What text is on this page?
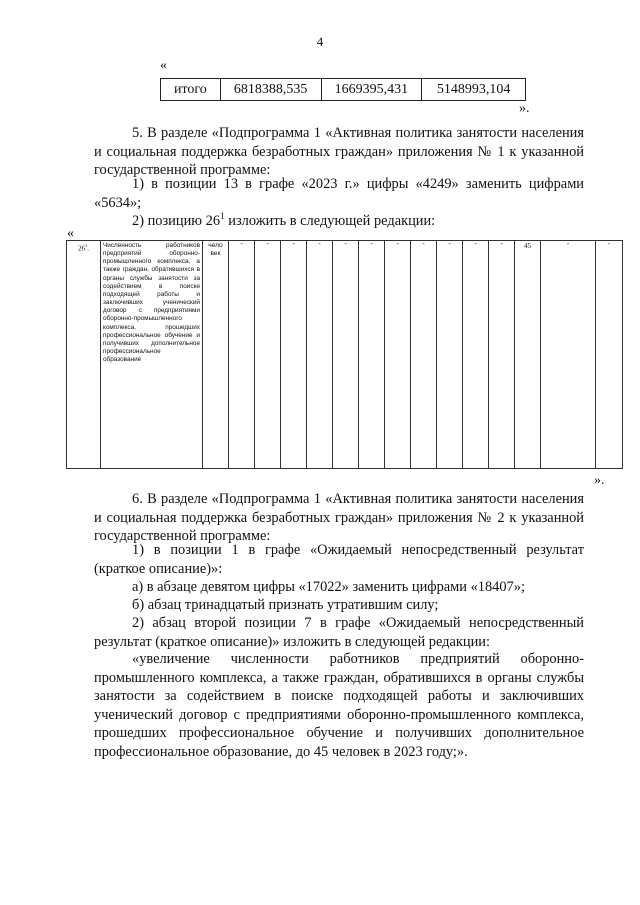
4
«
итого	6818388,535	1669395,431	5148993,104
».
5. В разделе «Подпрограмма 1 «Активная политика занятости населения и социальная поддержка безработных граждан» приложения № 1 к указанной государственной программе:
1) в позиции 13 в графе «2023 г.» цифры «4249» заменить цифрами «5634»;
2) позицию $26^1$ изложить в следующей редакции:
«
$26^1$.	Численность работников предприятий оборонно-промышленного комплекса, а также граждан, обратившихся в органы службы занятости за содействием в поиске подходящей работы и заключивших ученический договор с предприятиями оборонно-промышленного комплекса, прошедших профессиональное обучение и получивших дополнительное профессиональное образование	чело век	-	-	-	-	-	-	-	-	-	-	-	45	-	-
».
6. В разделе «Подпрограмма 1 «Активная политика занятости населения и социальная поддержка безработных граждан» приложения № 2 к указанной государственной программе:
1) в позиции 1 в графе «Ожидаемый непосредственный результат (краткое описание)»:
а) в абзаце девятом цифры «17022» заменить цифрами «18407»;
б) абзац тринадцатый признать утратившим силу;
2) абзац второй позиции 7 в графе «Ожидаемый непосредственный результат (краткое описание)» изложить в следующей редакции:
«увеличение численности работников предприятий оборонно-промышленного комплекса, а также граждан, обратившихся в органы службы занятости за содействием в поиске подходящей работы и заключивших ученический договор с предприятиями оборонно-промышленного комплекса, прошедших профессиональное обучение и получивших дополнительное профессиональное образование, до 45 человек в 2023 году;».
